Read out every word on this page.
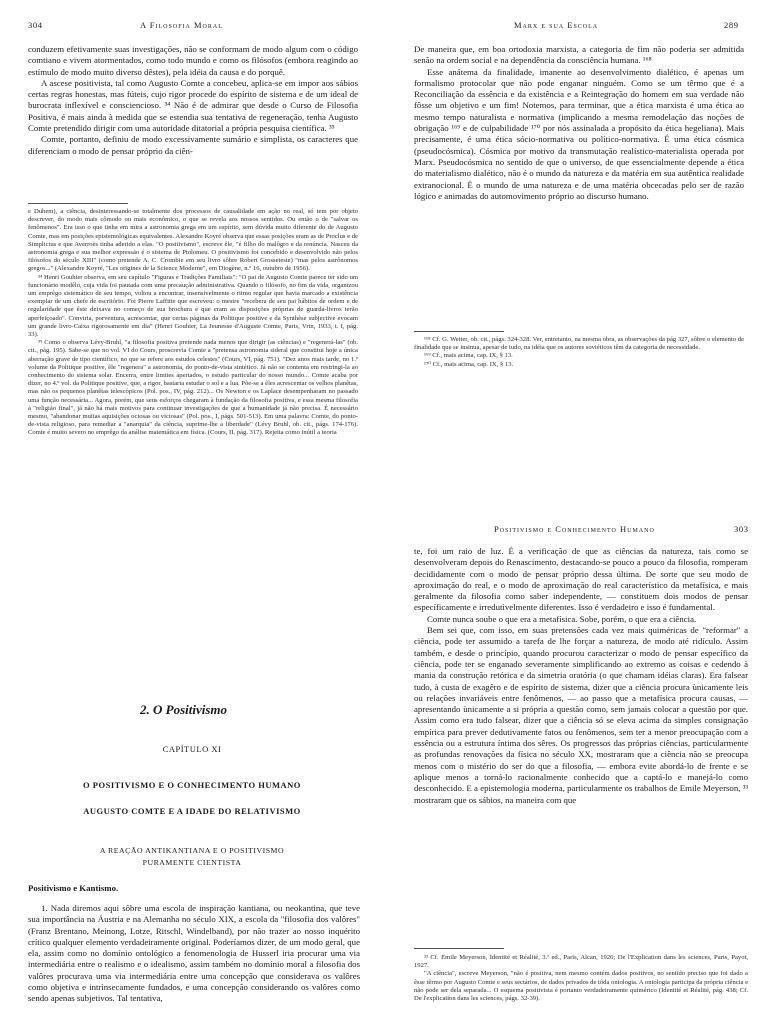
304	A Filosofia Moral

conduzem efetivamente suas investigações, não se conformam de modo algum com o código comtiano e vivem atormentados, como todo mundo e como os filósofos (embora reagindo ao estímulo de modo muito diverso dêstes), pela idéia da causa e do porquê.

A ascese positivista, tal como Augusto Comte a concebeu, aplica-se em impor aos sábios certas regras honestas, mas fúteis, cujo rigor procede do espírito de sistema e de um ideal de burocrata inflexível e consciencioso. ³⁴ Não é de admirar que desde o Curso de Filosofia Positiva, é mais ainda à medida que se estendia sua tentativa de regeneração, tenha Augusto Comte pretendido dirigir com uma autoridade ditatorial a própria pesquisa científica. ³⁵

Comte, portanto, definiu de modo excessivamente sumário e simplista, os caracteres que diferenciam o modo de pensar próprio da ciên-

e Duhem), a ciência, desinteressando-se totalmente dos processos de causalidade em ação no real, só tem por objeto descrever, do modo mais cômodo ou mais econômico, o que se revela aos nossos sentidos. Ou então o de "salvar os fenômenos". Era isso o que tinha em mira a astronomia grega em um espírito, sem dúvida muito diferente do de Augusto Comte, mas em posições epistemológicas equivalentes. Alexandre Koyré observa que essas posições eram as de Proclus e de Simplicius e que Averroès tinha aderido a elas. "O positivismo", escreve êle, "é filho do malôgro e da renúncia. Nasceu da astronomia grega e sua melhor expressão é o sistema de Ptolomeu. O positivismo foi concebido e desenvolvido não pelos filósofos do século XIII" (como pretende A. C. Crombie em seu livro sôbre Robert Grosseteste) "mas pelos astrônomos gregos..." (Alexandre Koyré, "Les origines de la Science Moderne", em Diogène, n.º 16, outubro de 1956).

³⁴ Henri Gouhier observa, em seu capítulo "Figuras e Tradições Familiais": "O pai de Augusto Comte parece ter sido um funcionário modêlo, cuja vida foi pautada com uma precaução administrativa. Quando o filósofo, no fim da vida, organizou um emprêgo sistemático de seu tempo, voltou a encontrar, insensivelmente o ritmo regular que havia marcado a existência exemplar de um chefe de escritório. Foi Pierre Laffitte que escreveu: o mestre "recebera de seu pai hábitos de ordem e de regularidade que êste deixava no começo de sua brochura e que eram as disposições próprias de guarda-livros terão aperfeiçoado". Conviria, porventura, acrescentar, que certas páginas da Politique positive e da Synthèse subjective evocam um grande livro-Caixa rigorosamente em dia" (Henri Gouhier, La Jeunesse d'Auguste Comte, Paris, Vrin, 1933, t. I, pág. 33).

³⁵ Como o observa Lévy-Bruhl, "a filosofia positiva pretende nada menos que dirigir (as ciências) e "regenerá-las" (ob. cit., pág. 195). Sabe-se que no vol. VI do Cours, proscrevia Comte a "pretensa astronomia sideral que constitui hoje a única aberração grave de tipo científico, no que se refere aos estudos celestes" (Cours, VI, pág. 751). "Dez anos mais tarde, no 1.º volume da Politique positive, êle "regenera" a astronomia, do ponto-de-vista sintético. Já não se contenta em restringi-la ao conhecimento do sistema solar. Encerra, entre limites apertados, o estudo particular do nosso mundo... Comte acaba por dizer, no 4.º vol. da Politique positive, que, a rigor, bastaria estudar o sol e a lua. Põe-se a êles acrescentar os velhos planêtas, mas não os pequenos planêtas telescópicos (Pol. pos., IV, pág. 212)... Os Newton e os Laplace desempenharam no passado uma função necessária... Agora, porém, que seus esforços chegaram à fundação da filosofia positiva, e essa mesma filosofia à "religião final", já não há mais motivos para continuar investigações de que a humanidade já não precisa. É necessário mesmo, "abandonar muitas aquisições ociosas ou viciosas" (Pol. pos., I, págs. 501-513). Em uma palavra: Comte, do ponto-de-vista religioso, para remediar a "anarquia" da ciência, suprime-lhe a liberdade" (Lévy Bruhl, ob. cit., págs. 174-176). Comte é muito severo no emprêgo da análise matemática em física. (Cours, II, pág. 317). Rejeita como inútil a teoria

Marx e sua Escola	289

De maneira que, em boa ortodoxia marxista, a categoria de fim não poderia ser admitida senão na ordem social e na dependência da consciência humana. ¹⁶⁸

Esse anátema da finalidade, imanente ao desenvolvimento dialético, é apenas um formalismo protocolar que não pode enganar ninguém. Como se um têrmo que é a Reconciliação da essência e da existência e a Reintegração do homem em sua verdade não fôsse um objetivo e um fim! Notemos, para terminar, que a ética marxista é uma ética ao mesmo tempo naturalista e normativa (implicando a mesma remodelação das noções de obrigação ¹⁶⁹ e de culpabilidade ¹⁷⁰ por nós assinalada a propósito da ética hegeliana). Mais precisamente, é uma ética sócio-normativa ou político-normativa. É uma ética cósmica (pseudocósmica). Cósmica por motivo da transmutação realístico-materialista operada por Marx. Pseudocósmica no sentido de que o universo, de que essencialmente depende a ética do materialismo dialético, não é o mundo da natureza e da matéria em sua autêntica realidade extranocional. É o mundo de uma natureza e de uma matéria obcecadas pelo ser de razão lógico e animadas do automovimento próprio ao discurso humano.

¹⁶⁸ Cf. G. Wetter, ob. cit., págs. 324-328. Ver, entretanto, na mesma obra, as observações da pág 327, sôbre o elemento de finalidade que se insinua, apesar de tudo, na idéia que os autores soviéticos têm da categoria de necessidade.

¹⁶⁹ Cf., mais acima, cap. IX, § 13.

¹⁷⁰ Cf., mais acima, cap. IX, § 13.

2. O Positivismo
CAPÍTULO XI
O POSITIVISMO E O CONHECIMENTO HUMANO
AUGUSTO COMTE E A IDADE DO RELATIVISMO
A REAÇÃO ANTIKANTIANA E O POSITIVISMO
PURAMENTE CIENTISTA
Positivismo e Kantismo.

1. Nada diremos aqui sôbre uma escola de inspiração kantiana, ou neokantina, que teve sua importância na Áustria e na Alemanha no século XIX, a escola da "filosofia dos valôres" (Franz Brentano, Meinong, Lotze, Ritschl, Windelband), por não trazer ao nosso inquérito crítico qualquer elemento verdadeiramente original. Poderíamos dizer, de um modo geral, que ela, assim como no domínio ontológico a fenomenologia de Husserl iria procurar uma via intermediária entre o realismo e o idealismo, assim também no domínio moral a filosofia dos valôres procurava uma via intermediária entre uma concepção que considerava os valôres como objetiva e intrìnsecamente fundados, e uma concepção considerando os valôres como sendo apenas subjetivos. Tal tentativa,

Positivismo e Conhecimento Humano	303

te, foi um raio de luz. É a verificação de que as ciências da natureza, tais como se desenvolveram depois do Renascimento, destacando-se pouco a pouco da filosofia, romperam decididamente com o modo de pensar próprio dessa última. De sorte que seu modo de aproximação do real, e o modo de aproximação do real característico da metafísica, e mais geralmente da filosofia como saber independente, — constituem dois modos de pensar específicamente e irredutìvelmente diferentes. Isso é verdadeiro e isso é fundamental.

Comte nunca soube o que era a metafísica. Sobe, porém, o que era a ciência.

Bem sei que, com isso, em suas pretensões cada vez mais quiméricas de "reformar" a ciência, pode ter assumido a tarefa de lhe forçar a natureza, de modo até ridículo. Assim também, e desde o princípio, quando procurou caracterizar o modo de pensar específico da ciência, pode ter se enganado severamente simplificando ao extremo as coisas e cedendo à mania da construção retórica e da simetria oratória (o que chamam idéias claras). Era falsear tudo, à custa de exagêro e de espírito de sistema, dizer que a ciência procura ùnicamente leis ou relações invariáveis entre fenômenos, — ao passo que a metafísica procura causas, — apresentando ùnicamente a si própria a questão como, sem jamais colocar a questão por que. Assim como era tudo falsear, dizer que a ciência só se eleva acima da simples consignação empírica para prever dedutivamente fatos ou fenômenos, sem ter a menor preocupação com a essência ou a estrutura íntima dos sêres. Os progressos das próprias ciências, particularmente as profundas renovações da física no século XX, mostraram que a ciência não se preocupa menos com o mistério do ser do que a filosofia, — embora evite abordá-lo de frente e se aplique menos a torná-lo racionalmente conhecido que a captá-lo e manejá-lo como desconhecido. E a epistemologia moderna, particularmente os trabalhos de Emile Meyerson, ³³ mostraram que os sábios, na maneira com que

³³ Cf. Emile Meyerson, Identité et Réalité, 3.ª ed., Paris, Alcan, 1926; De l'Explication dans les sciences, Paris, Payot, 1927.

"A ciência", escreve Meyerson, "não é positiva, nem mesmo contém dados positivos, no sentido preciso que foi dado a êsse têrmo por Augusto Comte e seus sectários, de dados privados de tôda ontologia. A ontologia participa da própria ciência e não pode ser dela separada... O esquema positivista é portanto verdadeiramente quimérico (Identité et Réalité, pág. 438; Cf. De l'explication dans les sciences, págs. 32-39).
